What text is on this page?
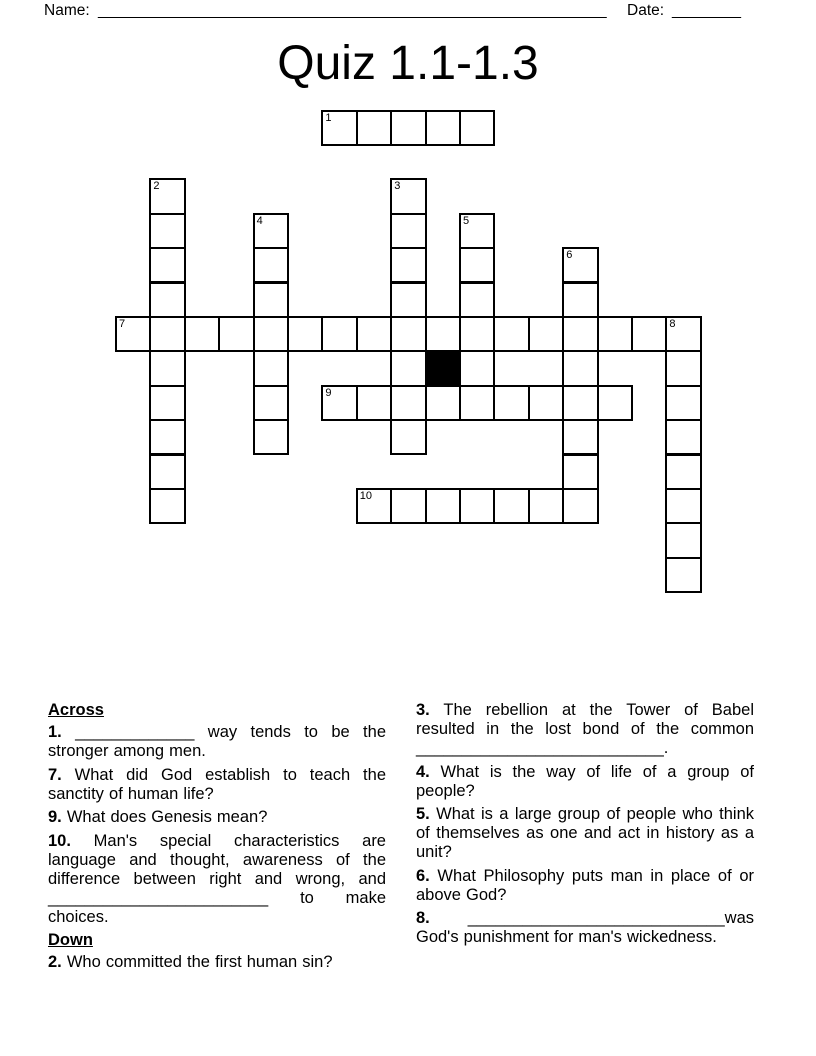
Name: ___________________________________________________________ Date: ________
Quiz 1.1-1.3
1
2	3
4	5
6
7	8
9
10

Across

1. _____________ way tends to be the stronger among men.

7. What did God establish to teach the sanctity of human life?

9. What does Genesis mean?

10. Man's special characteristics are language and thought, awareness of the difference between right and wrong, and ________________________ to make choices.

Down

2. Who committed the first human sin?

3. The rebellion at the Tower of Babel resulted in the lost bond of the common ___________________________.

4. What is the way of life of a group of people?

5. What is a large group of people who think of themselves as one and act in history as a unit?

6. What Philosophy puts man in place of or above God?

8. ____________________________was God's punishment for man's wickedness.
